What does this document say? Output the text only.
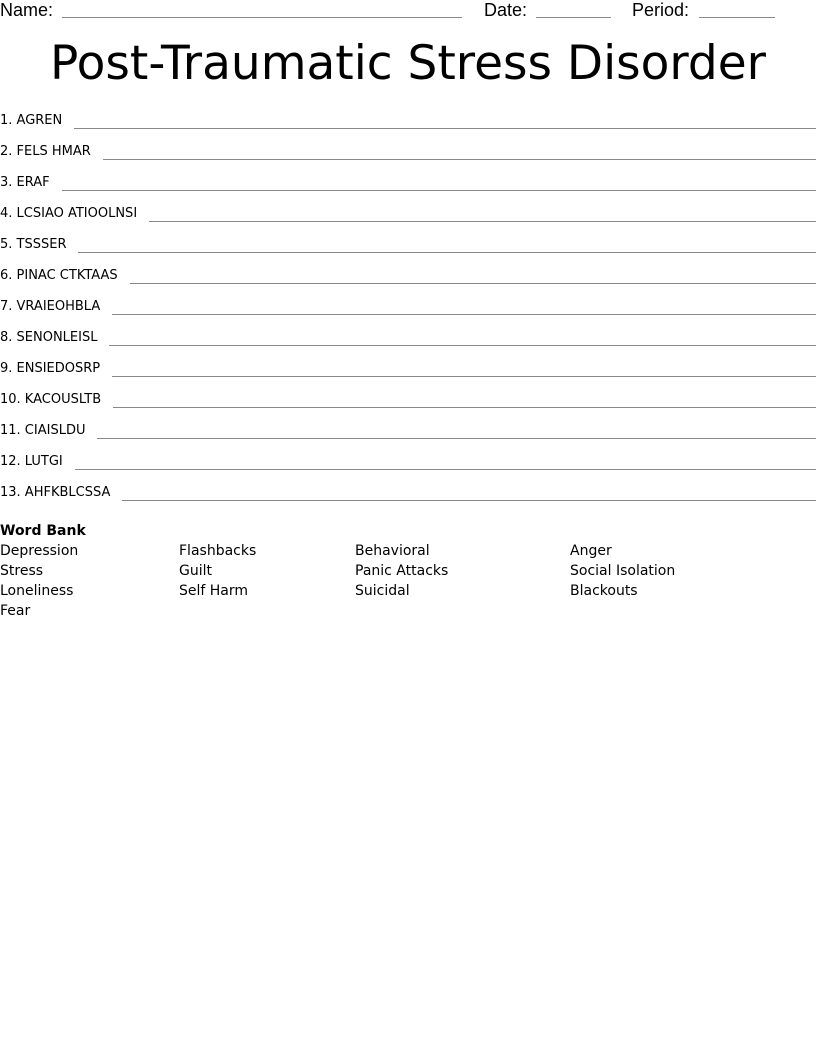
Name:	Date:	Period:
Post-Traumatic Stress Disorder
1. AGREN
2. FELS HMAR
3. ERAF
4. LCSIAO ATIOOLNSI
5. TSSSER
6. PINAC CTKTAAS
7. VRAIEOHBLA
8. SENONLEISL
9. ENSIEDOSRP
10. KACOUSLTB
11. CIAISLDU
12. LUTGI
13. AHFKBLCSSA
Word Bank
Depression	Flashbacks	Behavioral	Anger
Stress	Guilt	Panic Attacks	Social Isolation
Loneliness	Self Harm	Suicidal	Blackouts
Fear
